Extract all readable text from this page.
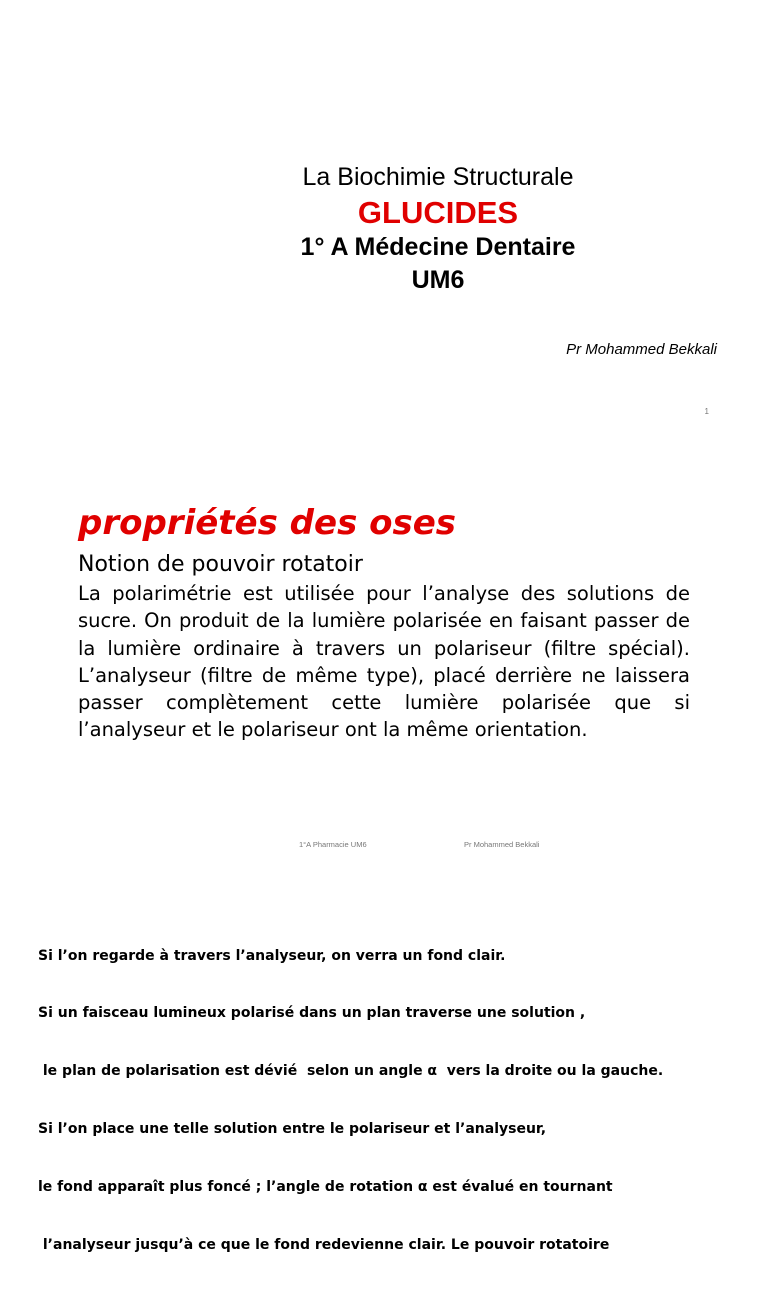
La Biochimie Structurale
GLUCIDES
1° A Médecine Dentaire
UM6
Pr Mohammed Bekkali
1
propriétés des oses
Notion de pouvoir rotatoir
La polarimétrie est utilisée pour l’analyse des solutions de sucre. On produit de la lumière polarisée en faisant passer de la lumière ordinaire à travers un polariseur (filtre spécial). L’analyseur (filtre de même type), placé derrière ne laissera passer complètement cette lumière polarisée que si l’analyseur et le polariseur ont la même orientation.
1°A Pharmacie UM6	Pr Mohammed Bekkali

Si l’on regarde à travers l’analyseur, on verra un fond clair.

Si un faisceau lumineux polarisé dans un plan traverse une solution ,

le plan de polarisation est dévié  selon un angle α  vers la droite ou la gauche.

Si l’on place une telle solution entre le polariseur et l’analyseur,

le fond apparaît plus foncé ; l’angle de rotation α est évalué en tournant

l’analyseur jusqu’à ce que le fond redevienne clair. Le pouvoir rotatoire
